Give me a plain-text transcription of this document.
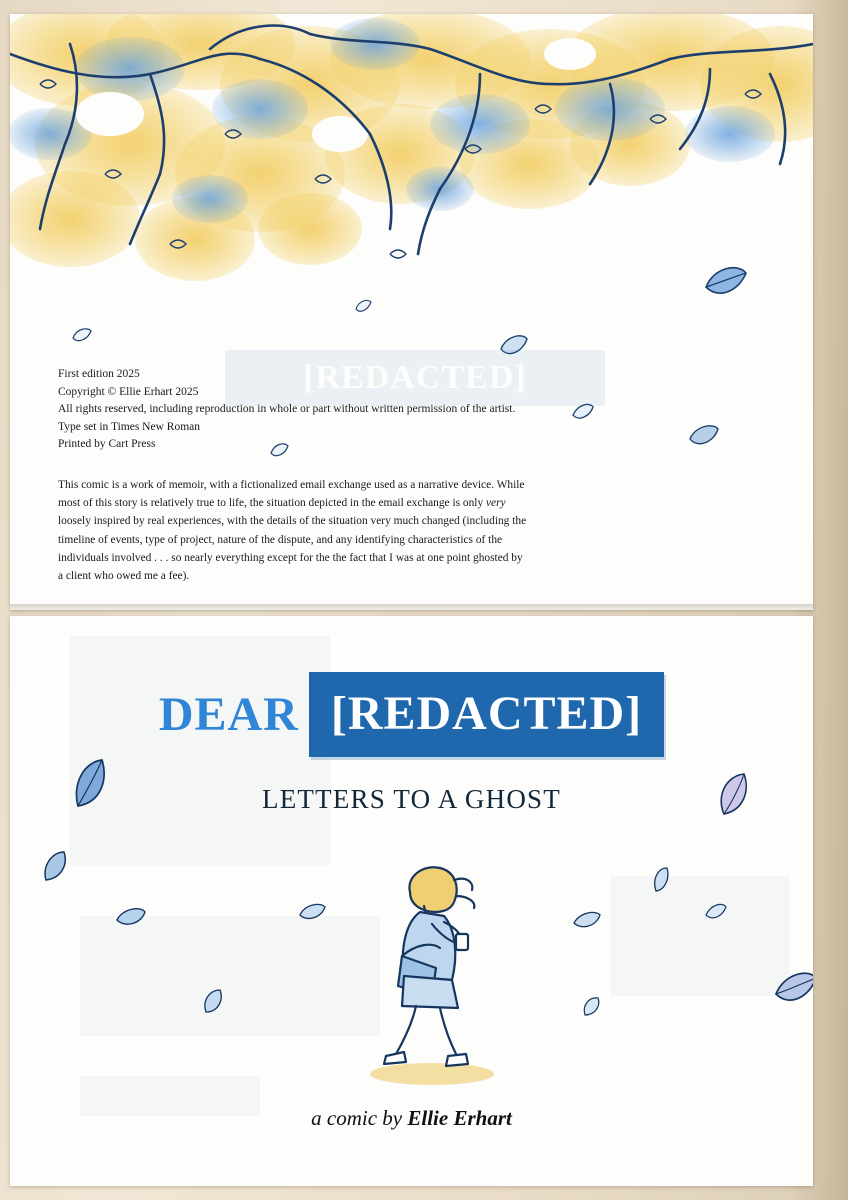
[REDACTED]
First edition 2025
Copyright © Ellie Erhart 2025
All rights reserved, including reproduction in whole or part without written permission of the artist.
Type set in Times New Roman
Printed by Cart Press
This comic is a work of memoir, with a fictionalized email exchange used as a narrative device. While most of this story is relatively true to life, the situation depicted in the email exchange is only very loosely inspired by real experiences, with the details of the situation very much changed (including the timeline of events, type of project, nature of the dispute, and any identifying characteristics of the individuals involved . . . so nearly everything except for the the fact that I was at one point ghosted by a client who owed me a fee).
DEAR [REDACTED]
LETTERS TO A GHOST
a comic by Ellie Erhart
